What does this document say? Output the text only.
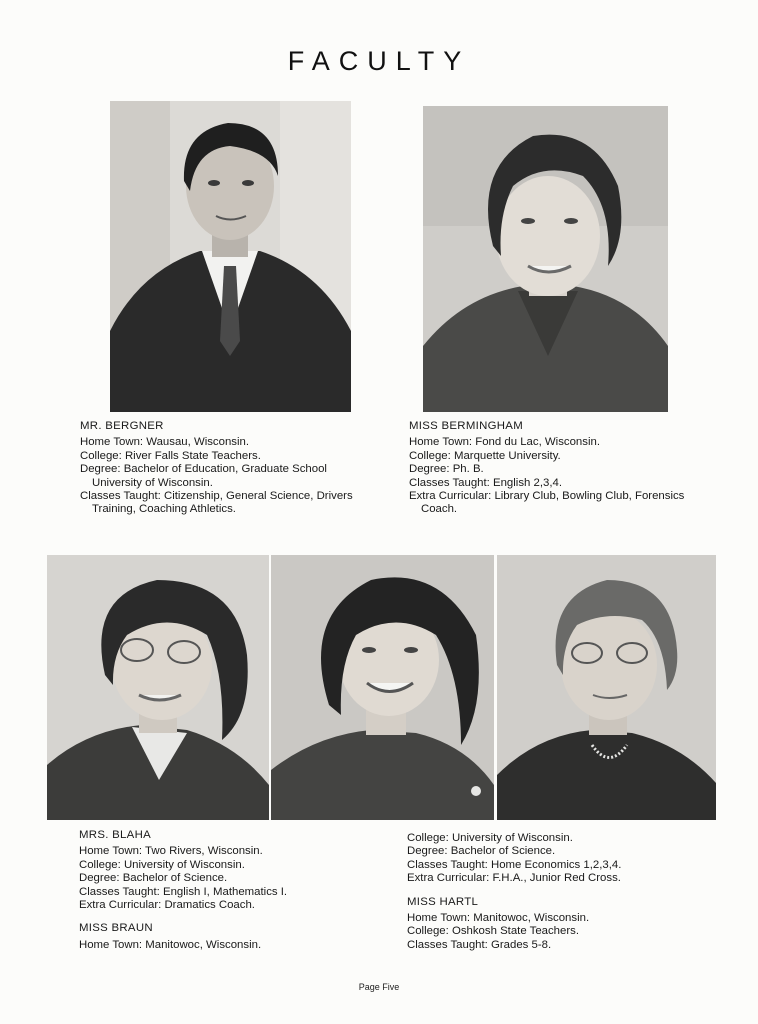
FACULTY
MR. BERGNER
Home Town: Wausau, Wisconsin.
College: River Falls State Teachers.
Degree: Bachelor of Education, Graduate School University of Wisconsin.
Classes Taught: Citizenship, General Science, Drivers Training, Coaching Athletics.
MISS BERMINGHAM
Home Town: Fond du Lac, Wisconsin.
College: Marquette University.
Degree: Ph. B.
Classes Taught: English 2,3,4.
Extra Curricular: Library Club, Bowling Club, Forensics Coach.
MRS. BLAHA
Home Town: Two Rivers, Wisconsin.
College: University of Wisconsin.
Degree: Bachelor of Science.
Classes Taught: English I, Mathematics I.
Extra Curricular: Dramatics Coach.
MISS BRAUN
Home Town: Manitowoc, Wisconsin.
College: University of Wisconsin.
Degree: Bachelor of Science.
Classes Taught: Home Economics 1,2,3,4.
Extra Curricular: F.H.A., Junior Red Cross.
MISS HARTL
Home Town: Manitowoc, Wisconsin.
College: Oshkosh State Teachers.
Classes Taught: Grades 5-8.
Page Five
